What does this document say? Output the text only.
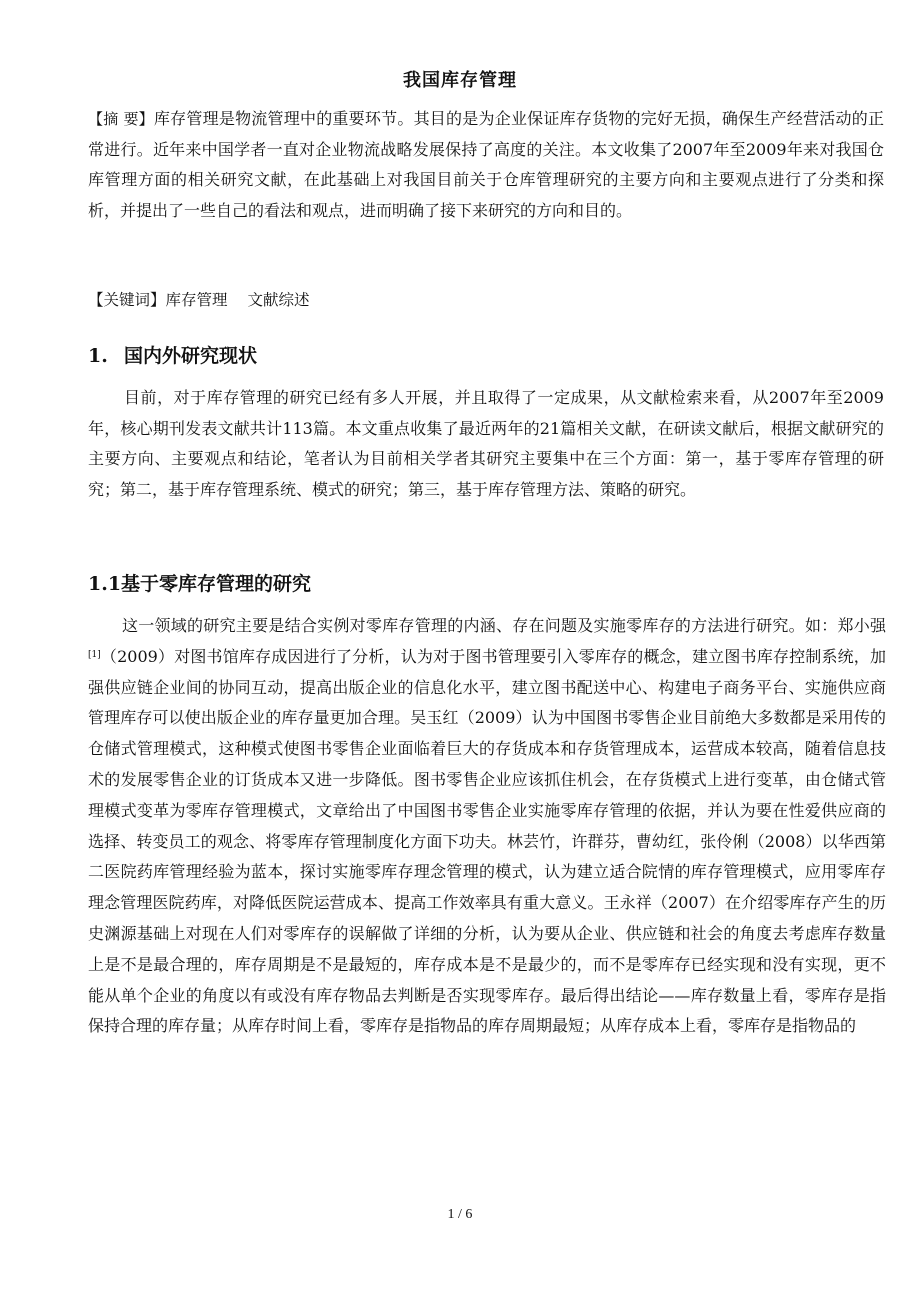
我国库存管理
【摘 要】库存管理是物流管理中的重要环节。其目的是为企业保证库存货物的完好无损，确保生产经营活动的正常进行。近年来中国学者一直对企业物流战略发展保持了高度的关注。本文收集了2007年至2009年来对我国仓库管理方面的相关研究文献，在此基础上对我国目前关于仓库管理研究的主要方向和主要观点进行了分类和探析，并提出了一些自己的看法和观点，进而明确了接下来研究的方向和目的。
【关键词】库存管理 文献综述
1. 国内外研究现状
目前，对于库存管理的研究已经有多人开展，并且取得了一定成果，从文献检索来看，从2007年至2009年，核心期刊发表文献共计113篇。本文重点收集了最近两年的21篇相关文献，在研读文献后，根据文献研究的主要方向、主要观点和结论，笔者认为目前相关学者其研究主要集中在三个方面：第一，基于零库存管理的研究；第二，基于库存管理系统、模式的研究；第三，基于库存管理方法、策略的研究。
1.1基于零库存管理的研究
这一领域的研究主要是结合实例对零库存管理的内涵、存在问题及实施零库存的方法进行研究。如：郑小强[1]（2009）对图书馆库存成因进行了分析，认为对于图书管理要引入零库存的概念，建立图书库存控制系统，加强供应链企业间的协同互动，提高出版企业的信息化水平，建立图书配送中心、构建电子商务平台、实施供应商管理库存可以使出版企业的库存量更加合理。吴玉红（2009）认为中国图书零售企业目前绝大多数都是采用传的仓储式管理模式，这种模式使图书零售企业面临着巨大的存货成本和存货管理成本，运营成本较高，随着信息技术的发展零售企业的订货成本又进一步降低。图书零售企业应该抓住机会，在存货模式上进行变革，由仓储式管理模式变革为零库存管理模式，文章给出了中国图书零售企业实施零库存管理的依据，并认为要在性爱供应商的选择、转变员工的观念、将零库存管理制度化方面下功夫。林芸竹，许群芬，曹幼红，张伶俐（2008）以华西第二医院药库管理经验为蓝本，探讨实施零库存理念管理的模式，认为建立适合院情的库存管理模式，应用零库存理念管理医院药库，对降低医院运营成本、提高工作效率具有重大意义。王永祥（2007）在介绍零库存产生的历史渊源基础上对现在人们对零库存的误解做了详细的分析，认为要从企业、供应链和社会的角度去考虑库存数量上是不是最合理的，库存周期是不是最短的，库存成本是不是最少的，而不是零库存已经实现和没有实现，更不能从单个企业的角度以有或没有库存物品去判断是否实现零库存。最后得出结论——库存数量上看，零库存是指保持合理的库存量；从库存时间上看，零库存是指物品的库存周期最短；从库存成本上看，零库存是指物品的
1 / 6
